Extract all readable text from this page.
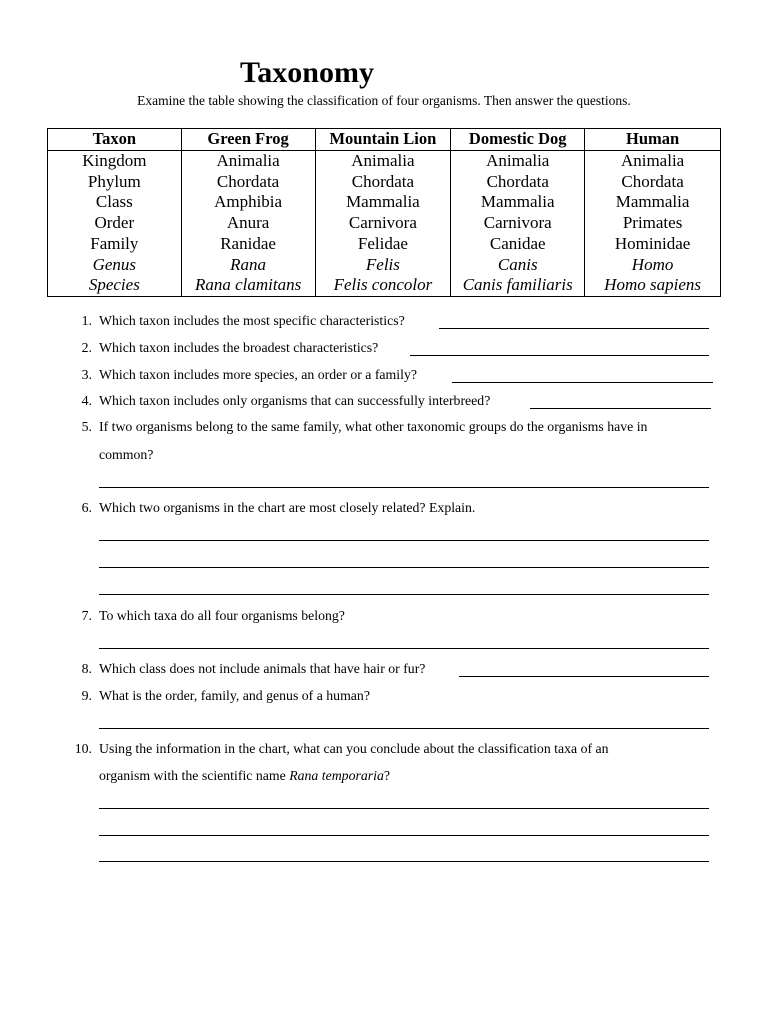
Taxonomy
Examine the table showing the classification of four organisms. Then answer the questions.
Taxon	Green Frog	Mountain Lion	Domestic Dog	Human
Kingdom	Animalia	Animalia	Animalia	Animalia
Phylum	Chordata	Chordata	Chordata	Chordata
Class	Amphibia	Mammalia	Mammalia	Mammalia
Order	Anura	Carnivora	Carnivora	Primates
Family	Ranidae	Felidae	Canidae	Hominidae
Genus	Rana	Felis	Canis	Homo
Species	Rana clamitans	Felis concolor	Canis familiaris	Homo sapiens
1. Which taxon includes the most specific characteristics?
2. Which taxon includes the broadest characteristics?
3. Which taxon includes more species, an order or a family?
4. Which taxon includes only organisms that can successfully interbreed?
5. If two organisms belong to the same family, what other taxonomic groups do the organisms have in
common?
6. Which two organisms in the chart are most closely related? Explain.
7. To which taxa do all four organisms belong?
8. Which class does not include animals that have hair or fur?
9. What is the order, family, and genus of a human?
10. Using the information in the chart, what can you conclude about the classification taxa of an
organism with the scientific name Rana temporaria?
